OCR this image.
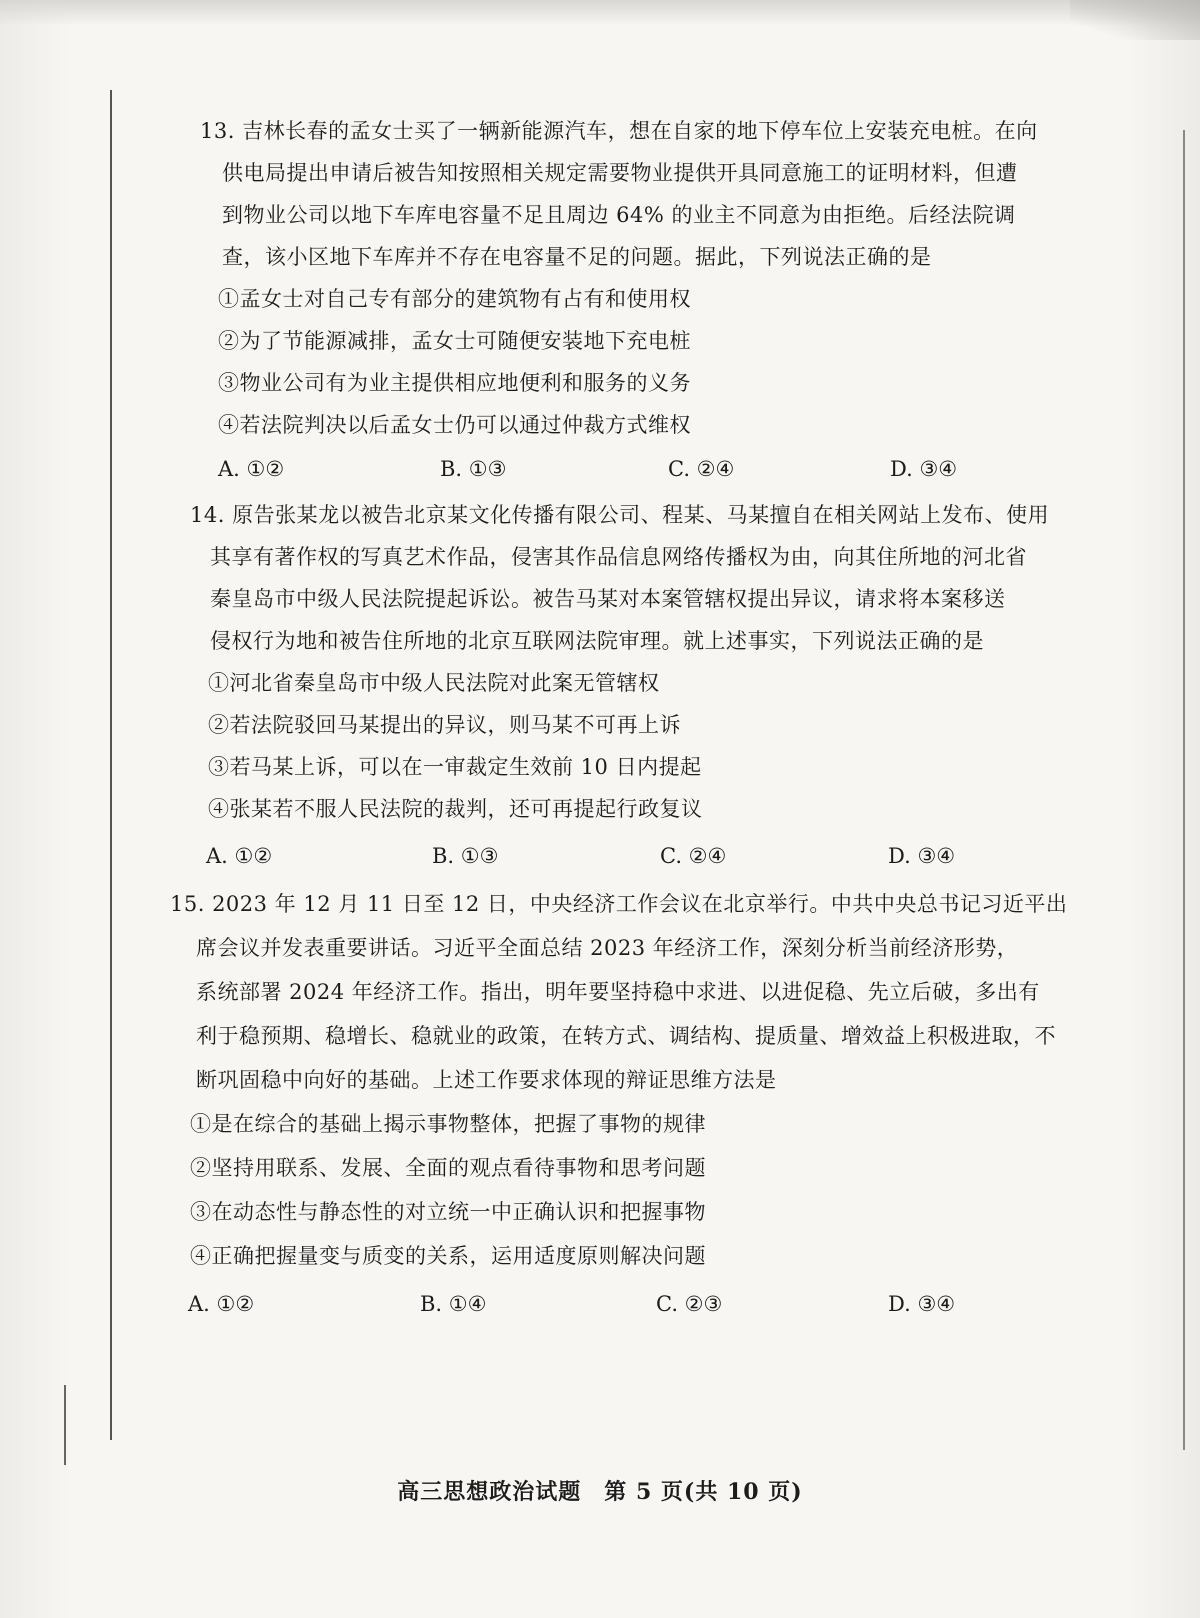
13. 吉林长春的孟女士买了一辆新能源汽车，想在自家的地下停车位上安装充电桩。在向
供电局提出申请后被告知按照相关规定需要物业提供开具同意施工的证明材料，但遭
到物业公司以地下车库电容量不足且周边 64% 的业主不同意为由拒绝。后经法院调
查，该小区地下车库并不存在电容量不足的问题。据此，下列说法正确的是
①孟女士对自己专有部分的建筑物有占有和使用权
②为了节能源减排，孟女士可随便安装地下充电桩
③物业公司有为业主提供相应地便利和服务的义务
④若法院判决以后孟女士仍可以通过仲裁方式维权
A. ①②	B. ①③	C. ②④	D. ③④
14. 原告张某龙以被告北京某文化传播有限公司、程某、马某擅自在相关网站上发布、使用
其享有著作权的写真艺术作品，侵害其作品信息网络传播权为由，向其住所地的河北省
秦皇岛市中级人民法院提起诉讼。被告马某对本案管辖权提出异议，请求将本案移送
侵权行为地和被告住所地的北京互联网法院审理。就上述事实，下列说法正确的是
①河北省秦皇岛市中级人民法院对此案无管辖权
②若法院驳回马某提出的异议，则马某不可再上诉
③若马某上诉，可以在一审裁定生效前 10 日内提起
④张某若不服人民法院的裁判，还可再提起行政复议
A. ①②	B. ①③	C. ②④	D. ③④
15. 2023 年 12 月 11 日至 12 日，中央经济工作会议在北京举行。中共中央总书记习近平出
席会议并发表重要讲话。习近平全面总结 2023 年经济工作，深刻分析当前经济形势，
系统部署 2024 年经济工作。指出，明年要坚持稳中求进、以进促稳、先立后破，多出有
利于稳预期、稳增长、稳就业的政策，在转方式、调结构、提质量、增效益上积极进取，不
断巩固稳中向好的基础。上述工作要求体现的辩证思维方法是
①是在综合的基础上揭示事物整体，把握了事物的规律
②坚持用联系、发展、全面的观点看待事物和思考问题
③在动态性与静态性的对立统一中正确认识和把握事物
④正确把握量变与质变的关系，运用适度原则解决问题
A. ①②	B. ①④	C. ②③	D. ③④
高三思想政治试题　第 5 页(共 10 页)
